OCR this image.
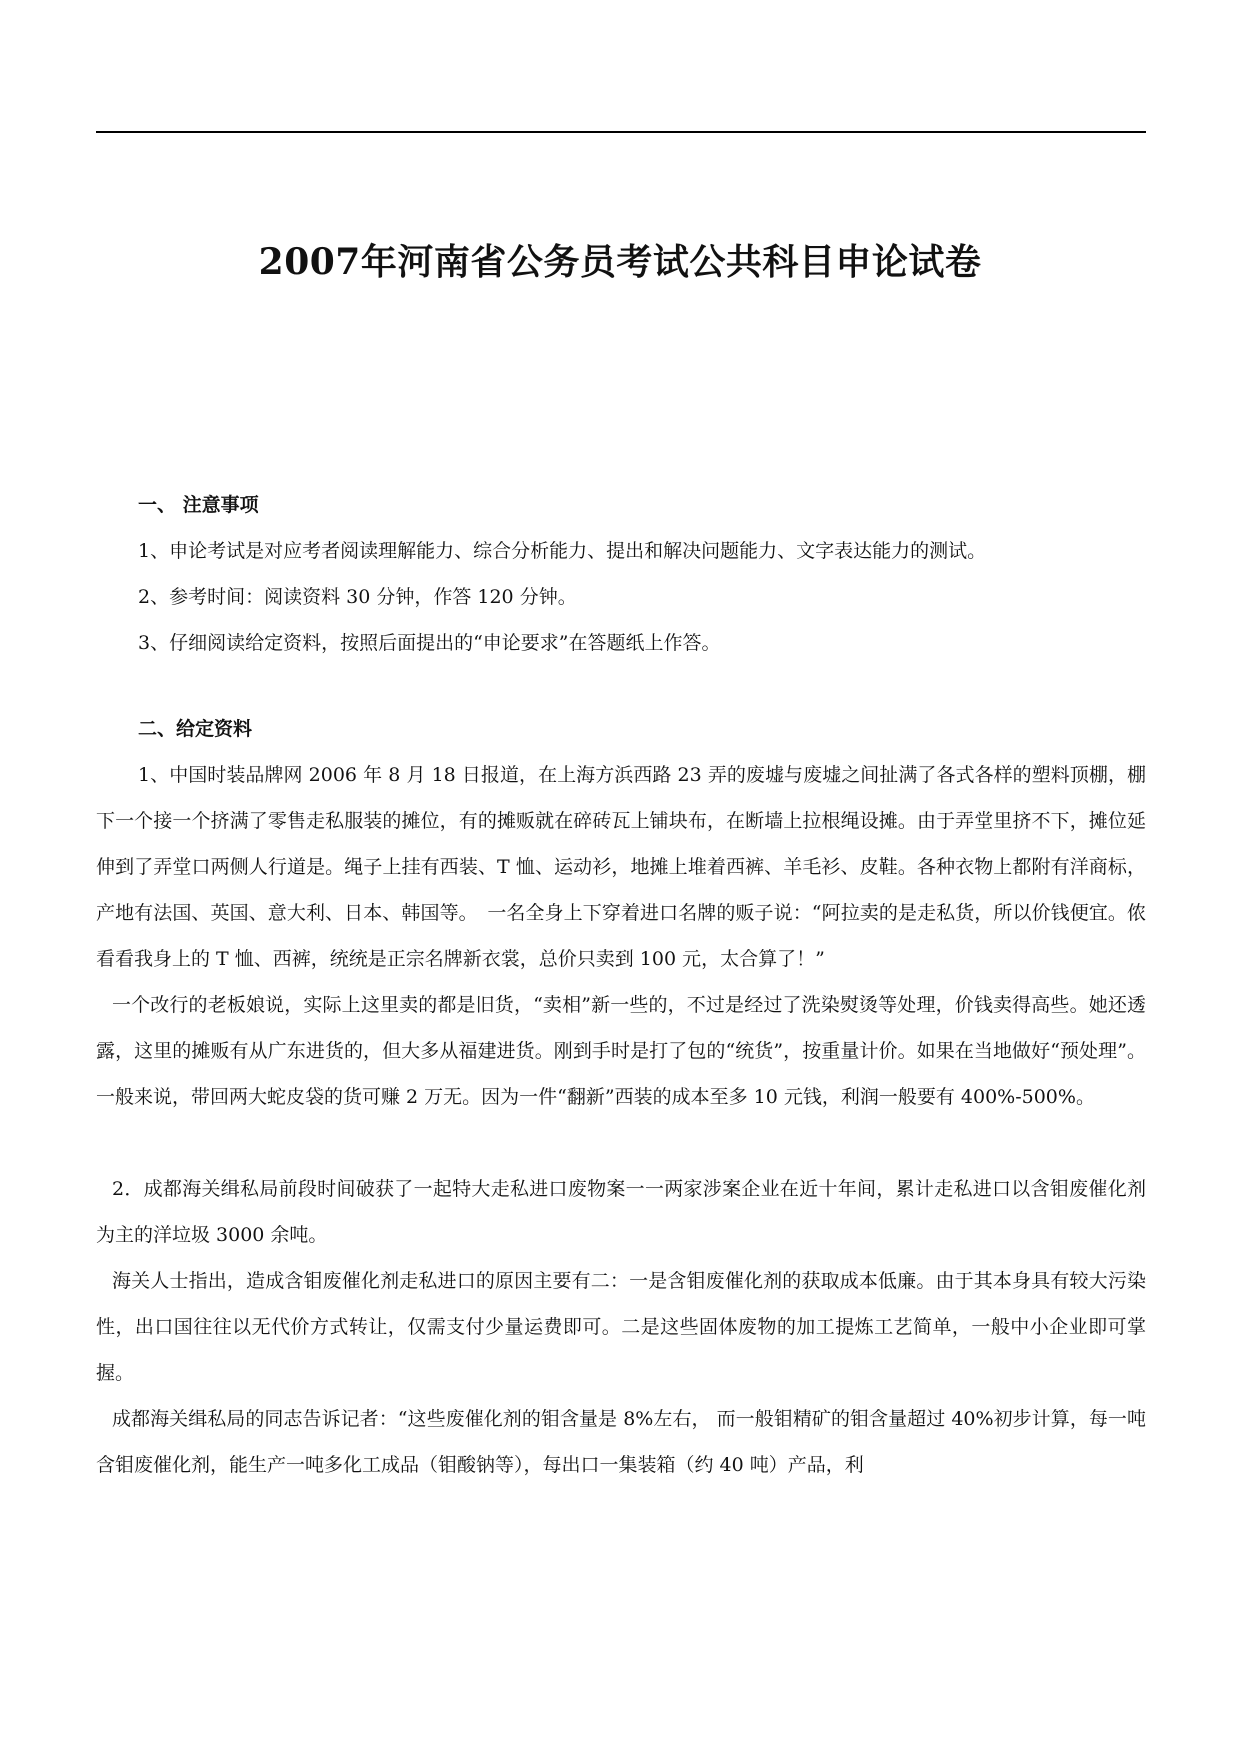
2007年河南省公务员考试公共科目申论试卷

一、 注意事项

1、申论考试是对应考者阅读理解能力、综合分析能力、提出和解决问题能力、文字表达能力的测试。

2、参考时间：阅读资料 30 分钟，作答 120 分钟。

3、仔细阅读给定资料，按照后面提出的“申论要求”在答题纸上作答。

二、给定资料

1、中国时装品牌网 2006 年 8 月 18 日报道，在上海方浜西路 23 弄的废墟与废墟之间扯满了各式各样的塑料顶棚，棚下一个接一个挤满了零售走私服装的摊位，有的摊贩就在碎砖瓦上铺块布，在断墙上拉根绳设摊。由于弄堂里挤不下，摊位延伸到了弄堂口两侧人行道是。绳子上挂有西装、T 恤、运动衫，地摊上堆着西裤、羊毛衫、皮鞋。各种衣物上都附有洋商标，产地有法国、英国、意大利、日本、韩国等。　一名全身上下穿着进口名牌的贩子说：“阿拉卖的是走私货，所以价钱便宜。侬看看我身上的 T 恤、西裤，统统是正宗名牌新衣裳，总价只卖到 100 元，太合算了！”

一个改行的老板娘说，实际上这里卖的都是旧货，“卖相”新一些的，不过是经过了洗染熨烫等处理，价钱卖得高些。她还透露，这里的摊贩有从广东进货的，但大多从福建进货。刚到手时是打了包的“统货”，按重量计价。如果在当地做好“预处理”。一般来说，带回两大蛇皮袋的货可赚 2 万无。因为一件“翻新”西装的成本至多 10 元钱，利润一般要有 400%-500%。

2．成都海关缉私局前段时间破获了一起特大走私进口废物案一一两家涉案企业在近十年间，累计走私进口以含钼废催化剂为主的洋垃圾 3000 余吨。

海关人士指出，造成含钼废催化剂走私进口的原因主要有二：一是含钼废催化剂的获取成本低廉。由于其本身具有较大污染性，出口国往往以无代价方式转让，仅需支付少量运费即可。二是这些固体废物的加工提炼工艺简单，一般中小企业即可掌握。

成都海关缉私局的同志告诉记者：“这些废催化剂的钼含量是 8%左右， 而一般钼精矿的钼含量超过 40%初步计算，每一吨含钼废催化剂，能生产一吨多化工成品（钼酸钠等），每出口一集装箱（约 40 吨）产品，利
